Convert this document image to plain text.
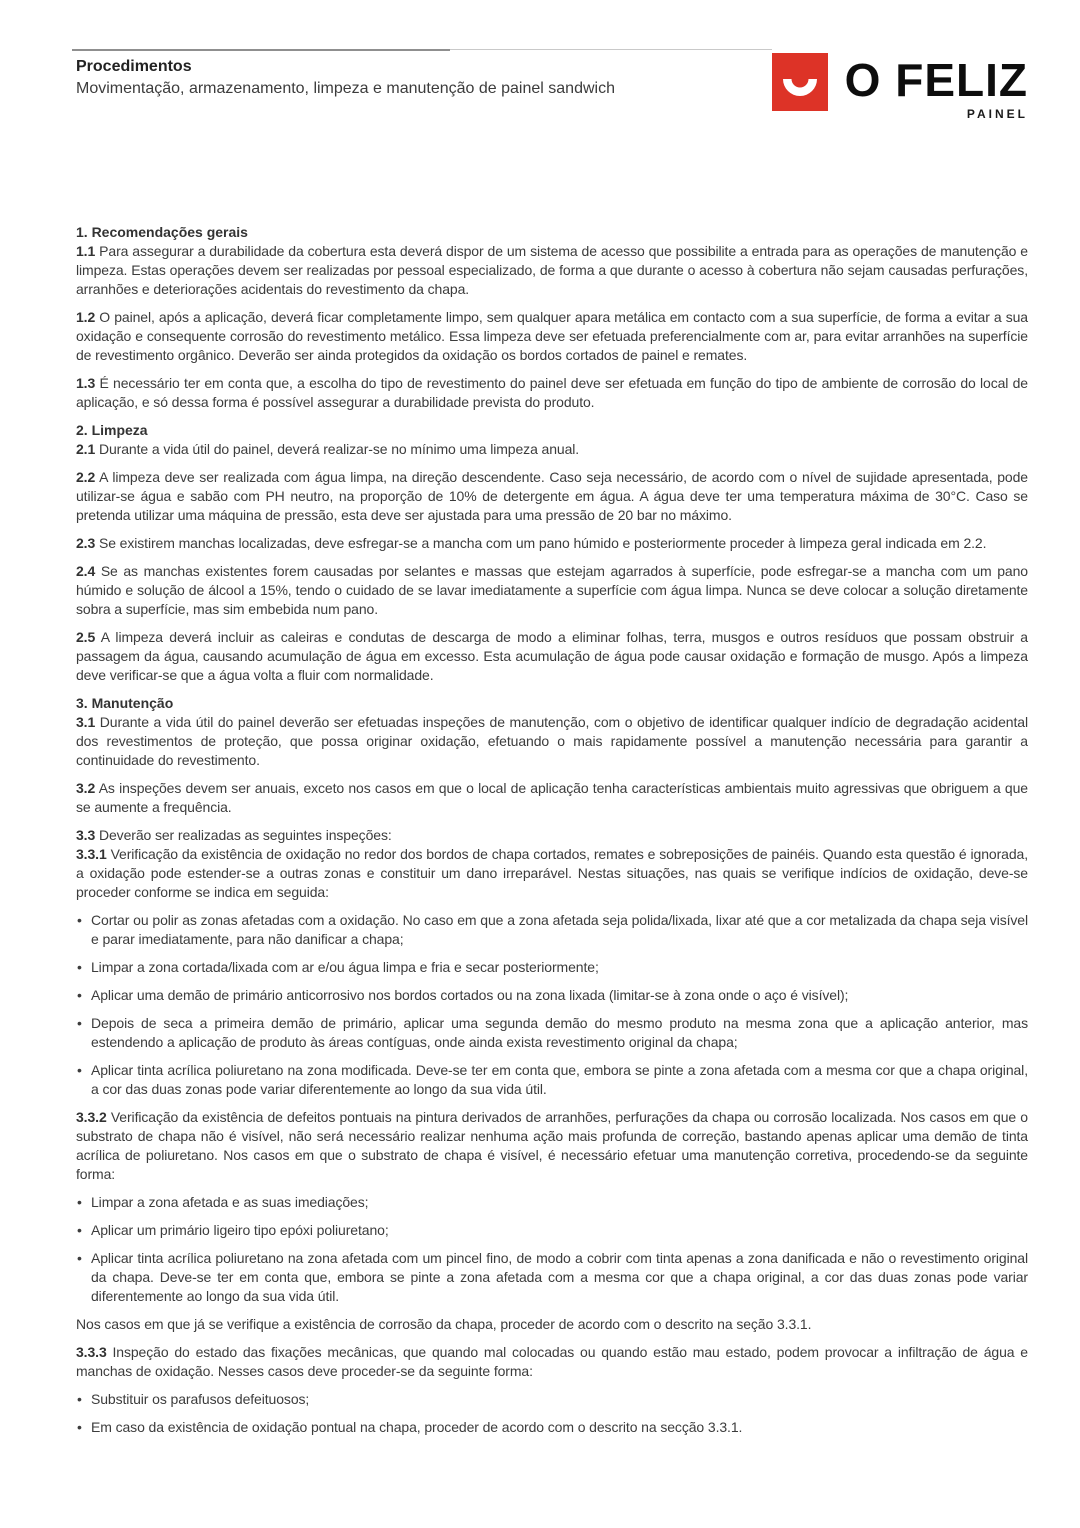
Procedimentos
Movimentação, armazenamento, limpeza e manutenção de painel sandwich	O FELIZ
PAINEL
1. Recomendações gerais

1.1 Para assegurar a durabilidade da cobertura esta deverá dispor de um sistema de acesso que possibilite a entrada para as operações de manutenção e limpeza. Estas operações devem ser realizadas por pessoal especializado, de forma a que durante o acesso à cobertura não sejam causadas perfurações, arranhões e deteriorações acidentais do revestimento da chapa.

1.2 O painel, após a aplicação, deverá ficar completamente limpo, sem qualquer apara metálica em contacto com a sua superfície, de forma a evitar a sua oxidação e consequente corrosão do revestimento metálico. Essa limpeza deve ser efetuada preferencialmente com ar, para evitar arranhões na superfície de revestimento orgânico. Deverão ser ainda protegidos da oxidação os bordos cortados de painel e remates.

1.3 É necessário ter em conta que, a escolha do tipo de revestimento do painel deve ser efetuada em função do tipo de ambiente de corrosão do local de aplicação, e só dessa forma é possível assegurar a durabilidade prevista do produto.

2. Limpeza

2.1 Durante a vida útil do painel, deverá realizar-se no mínimo uma limpeza anual.

2.2 A limpeza deve ser realizada com água limpa, na direção descendente. Caso seja necessário, de acordo com o nível de sujidade apresentada, pode utilizar-se água e sabão com PH neutro, na proporção de 10% de detergente em água. A água deve ter uma temperatura máxima de 30°C. Caso se pretenda utilizar uma máquina de pressão, esta deve ser ajustada para uma pressão de 20 bar no máximo.

2.3 Se existirem manchas localizadas, deve esfregar-se a mancha com um pano húmido e posteriormente proceder à limpeza geral indicada em 2.2.

2.4 Se as manchas existentes forem causadas por selantes e massas que estejam agarrados à superfície, pode esfregar-se a mancha com um pano húmido e solução de álcool a 15%, tendo o cuidado de se lavar imediatamente a superfície com água limpa. Nunca se deve colocar a solução diretamente sobra a superfície, mas sim embebida num pano.

2.5 A limpeza deverá incluir as caleiras e condutas de descarga de modo a eliminar folhas, terra, musgos e outros resíduos que possam obstruir a passagem da água, causando acumulação de água em excesso. Esta acumulação de água pode causar oxidação e formação de musgo. Após a limpeza deve verificar-se que a água volta a fluir com normalidade.

3. Manutenção

3.1 Durante a vida útil do painel deverão ser efetuadas inspeções de manutenção, com o objetivo de identificar qualquer indício de degradação acidental dos revestimentos de proteção, que possa originar oxidação, efetuando o mais rapidamente possível a manutenção necessária para garantir a continuidade do revestimento.

3.2 As inspeções devem ser anuais, exceto nos casos em que o local de aplicação tenha características ambientais muito agressivas que obriguem a que se aumente a frequência.

3.3 Deverão ser realizadas as seguintes inspeções:

3.3.1 Verificação da existência de oxidação no redor dos bordos de chapa cortados, remates e sobreposições de painéis. Quando esta questão é ignorada, a oxidação pode estender-se a outras zonas e constituir um dano irreparável. Nestas situações, nas quais se verifique indícios de oxidação, deve-se proceder conforme se indica em seguida:

• Cortar ou polir as zonas afetadas com a oxidação. No caso em que a zona afetada seja polida/lixada, lixar até que a cor metalizada da chapa seja visível e parar imediatamente, para não danificar a chapa;

• Limpar a zona cortada/lixada com ar e/ou água limpa e fria e secar posteriormente;

• Aplicar uma demão de primário anticorrosivo nos bordos cortados ou na zona lixada (limitar-se à zona onde o aço é visível);

• Depois de seca a primeira demão de primário, aplicar uma segunda demão do mesmo produto na mesma zona que a aplicação anterior, mas estendendo a aplicação de produto às áreas contíguas, onde ainda exista revestimento original da chapa;

• Aplicar tinta acrílica poliuretano na zona modificada. Deve-se ter em conta que, embora se pinte a zona afetada com a mesma cor que a chapa original, a cor das duas zonas pode variar diferentemente ao longo da sua vida útil.

3.3.2 Verificação da existência de defeitos pontuais na pintura derivados de arranhões, perfurações da chapa ou corrosão localizada. Nos casos em que o substrato de chapa não é visível, não será necessário realizar nenhuma ação mais profunda de correção, bastando apenas aplicar uma demão de tinta acrílica de poliuretano. Nos casos em que o substrato de chapa é visível, é necessário efetuar uma manutenção corretiva, procedendo-se da seguinte forma:

• Limpar a zona afetada e as suas imediações;

• Aplicar um primário ligeiro tipo epóxi poliuretano;

• Aplicar tinta acrílica poliuretano na zona afetada com um pincel fino, de modo a cobrir com tinta apenas a zona danificada e não o revestimento original da chapa. Deve-se ter em conta que, embora se pinte a zona afetada com a mesma cor que a chapa original, a cor das duas zonas pode variar diferentemente ao longo da sua vida útil.

Nos casos em que já se verifique a existência de corrosão da chapa, proceder de acordo com o descrito na seção 3.3.1.

3.3.3 Inspeção do estado das fixações mecânicas, que quando mal colocadas ou quando estão mau estado, podem provocar a infiltração de água e manchas de oxidação. Nesses casos deve proceder-se da seguinte forma:

• Substituir os parafusos defeituosos;

• Em caso da existência de oxidação pontual na chapa, proceder de acordo com o descrito na secção 3.3.1.
